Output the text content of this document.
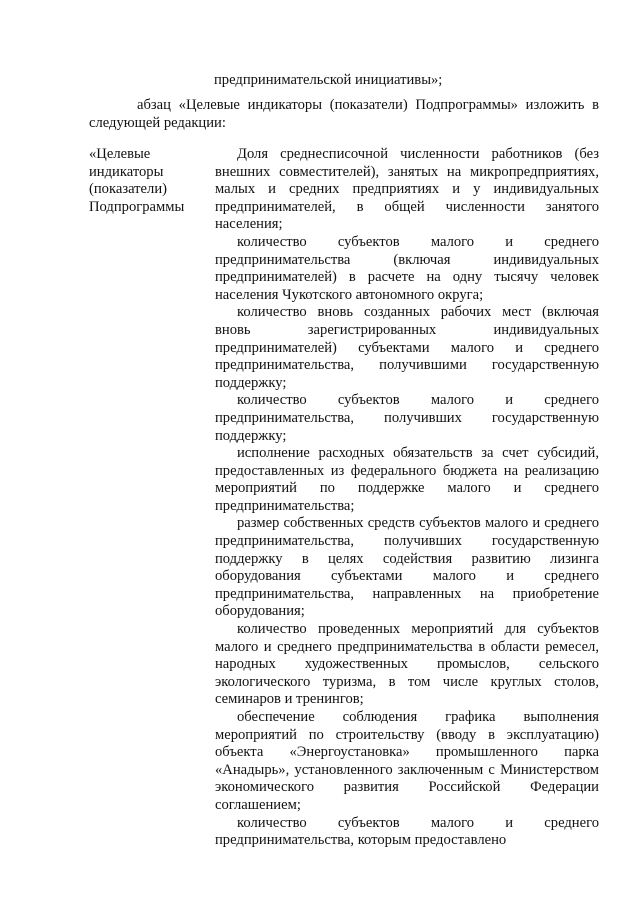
предпринимательской инициативы»;

абзац «Целевые индикаторы (показатели) Подпрограммы» изложить в следующей редакции:

«Целевые индикаторы (показатели) Подпрограммы

Доля среднесписочной численности работников (без внешних совместителей), занятых на микропредприятиях, малых и средних предприятиях и у индивидуальных предпринимателей, в общей численности занятого населения;

количество субъектов малого и среднего предпринимательства (включая индивидуальных предпринимателей) в расчете на одну тысячу человек населения Чукотского автономного округа;

количество вновь созданных рабочих мест (включая вновь зарегистрированных индивидуальных предпринимателей) субъектами малого и среднего предпринимательства, получившими государственную поддержку;

количество субъектов малого и среднего предпринимательства, получивших государственную поддержку;

исполнение расходных обязательств за счет субсидий, предоставленных из федерального бюджета на реализацию мероприятий по поддержке малого и среднего предпринимательства;

размер собственных средств субъектов малого и среднего предпринимательства, получивших государственную поддержку в целях содействия развитию лизинга оборудования субъектами малого и среднего предпринимательства, направленных на приобретение оборудования;

количество проведенных мероприятий для субъектов малого и среднего предпринимательства в области ремесел, народных художественных промыслов, сельского экологического туризма, в том числе круглых столов, семинаров и тренингов;

обеспечение соблюдения графика выполнения мероприятий по строительству (вводу в эксплуатацию) объекта «Энергоустановка» промышленного парка «Анадырь», установленного заключенным с Министерством экономического развития Российской Федерации соглашением;

количество субъектов малого и среднего предпринимательства, которым предоставлено
